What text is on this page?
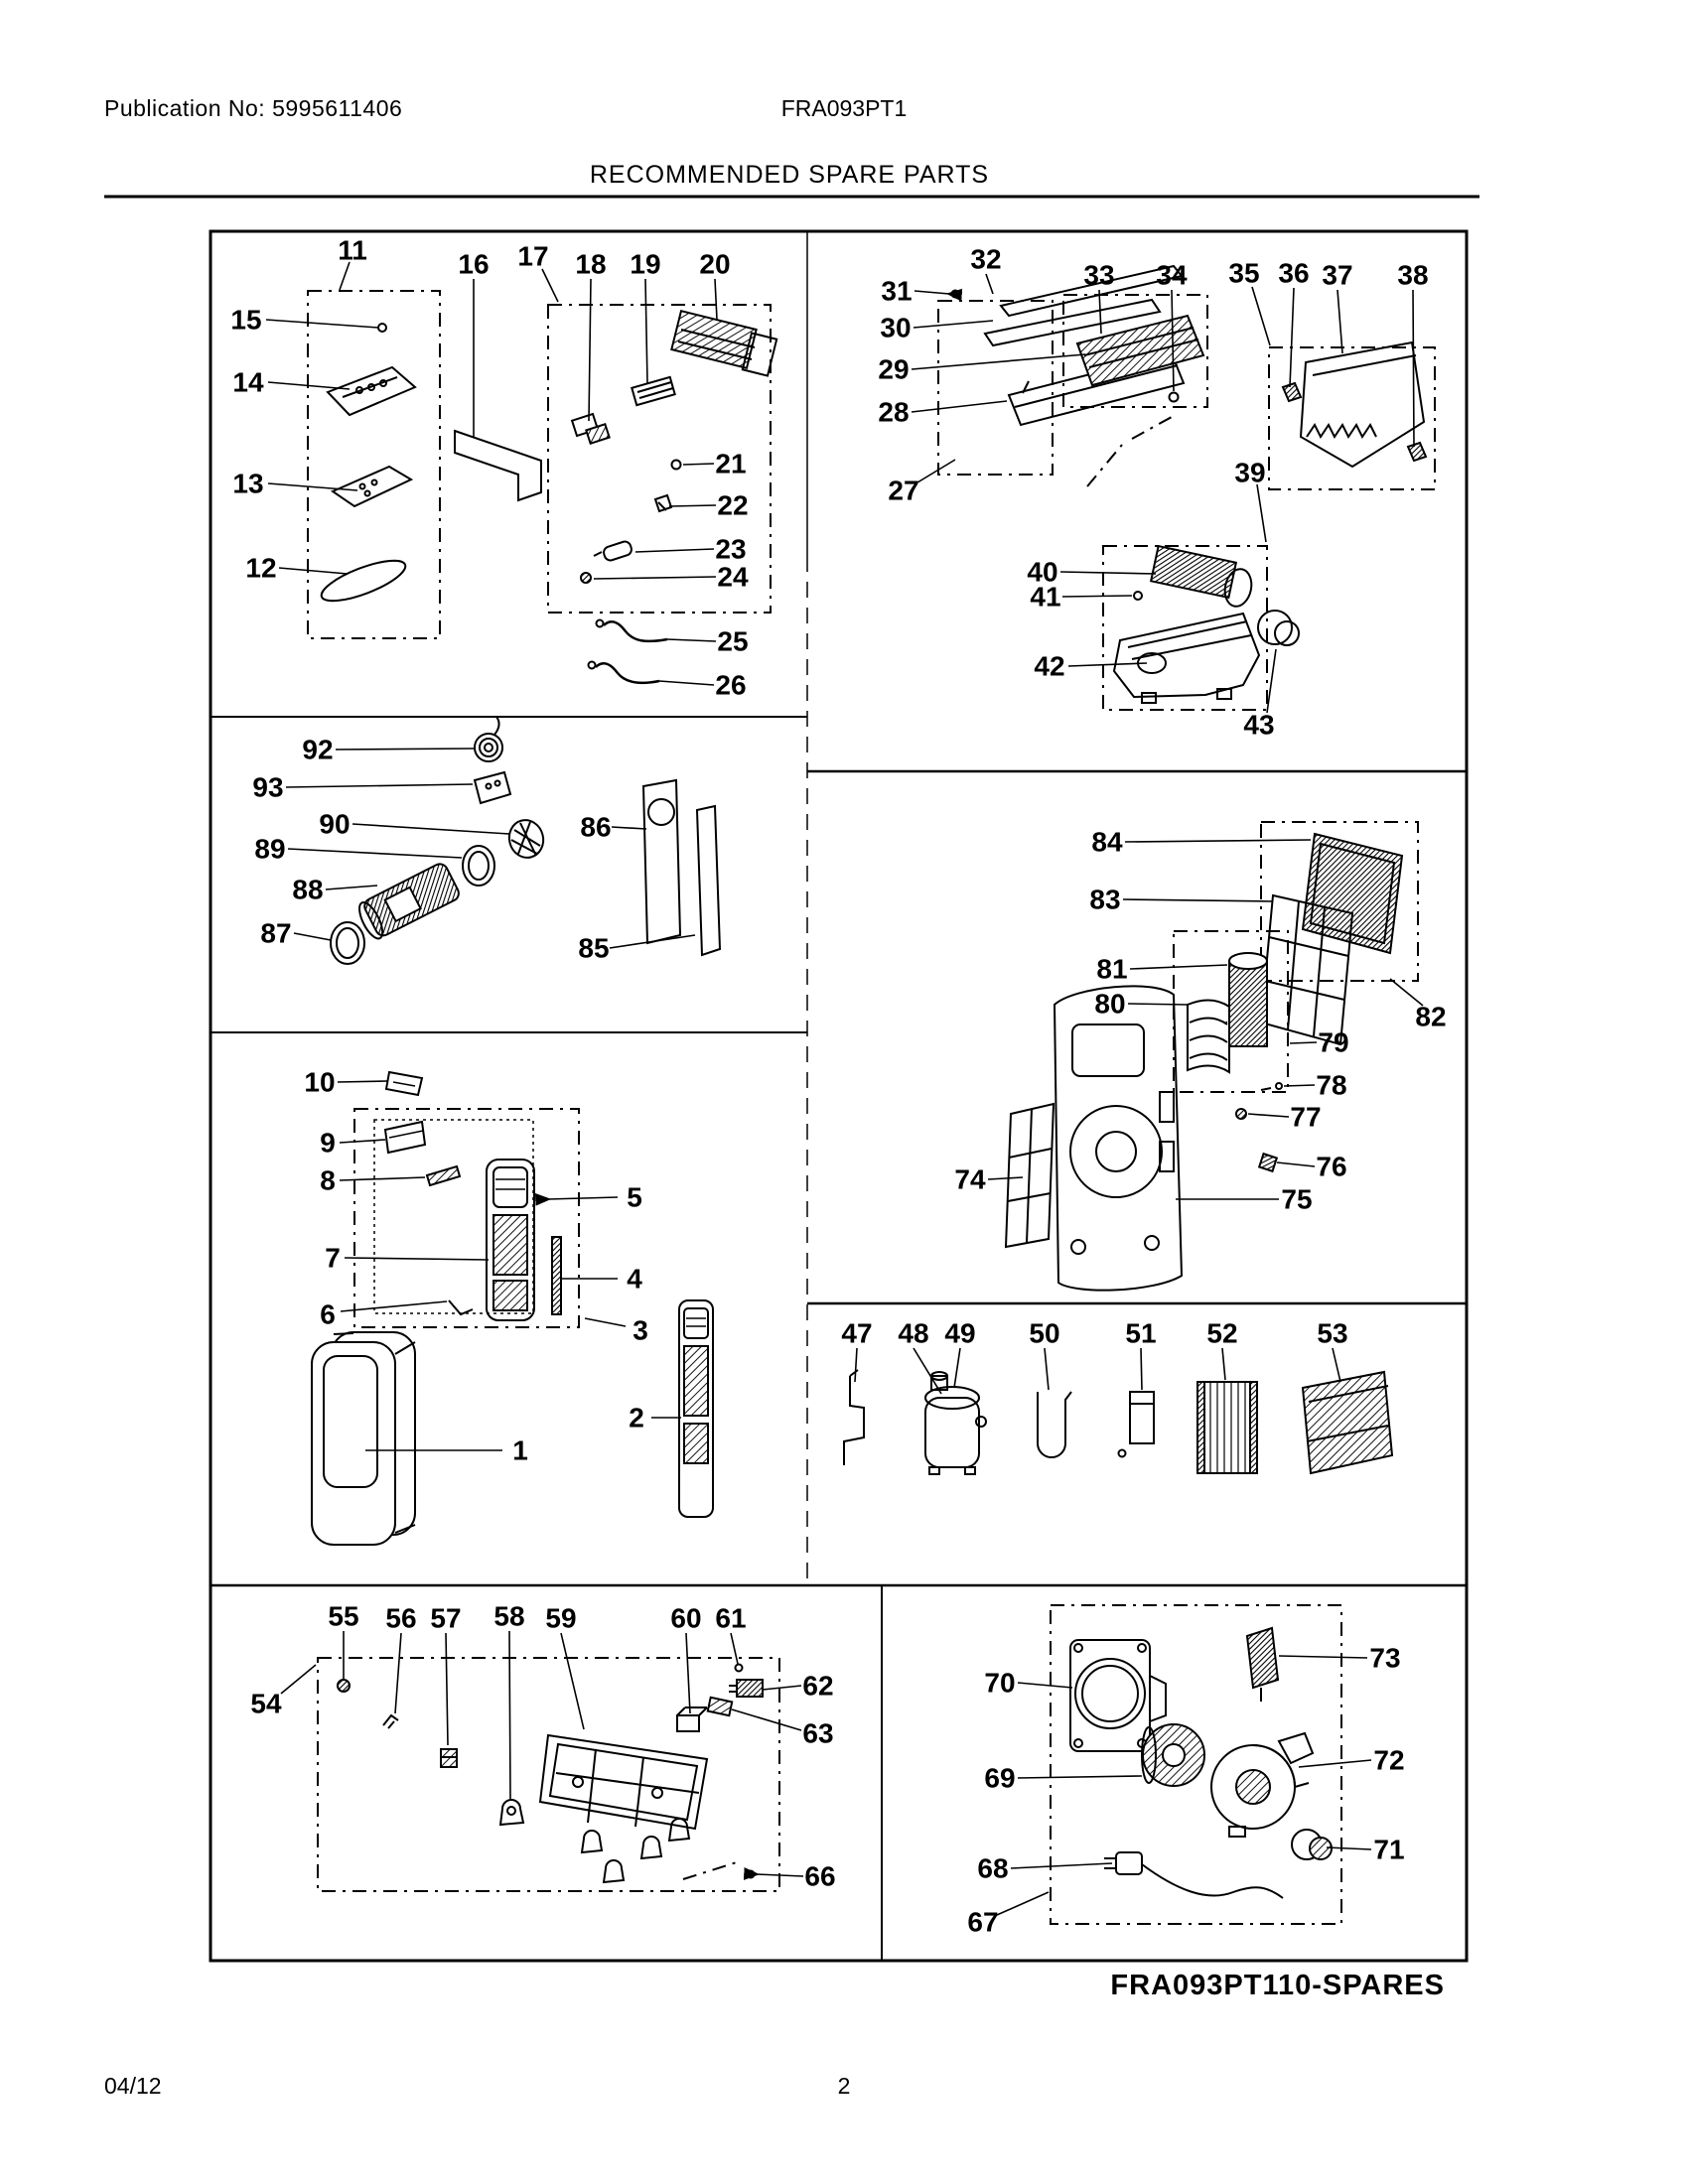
Publication No: 5995611406	FRA093PT1
RECOMMENDED SPARE PARTS
FRA093PT110-SPARES
04/12	2
11
15
14
13
12
16 17 18 19 20
21
22
23
24
25
26
27
28
29
30
31
32
33 34 35 36 37 38
39
40
41
42
43
92
93
90
89
88
87
86
85
10
9
8
7
6
5
4
3
2
1
84
83
82
81
80
79
78
77
76
75
74
47 48 49 50 51 52	53
54
55 56 57 58 59	60 61
62
63
66
67
68
69
70
71
72
73
